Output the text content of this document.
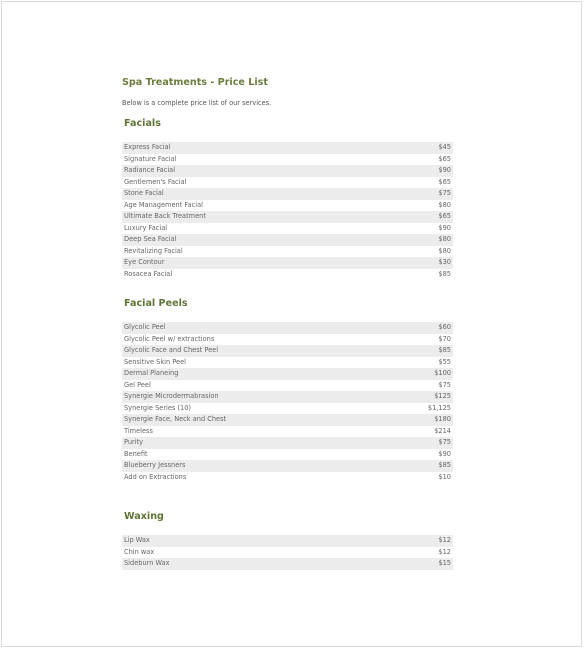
Spa Treatments - Price List
Below is a complete price list of our services.
Facials
Express Facial	$45
Signature Facial	$65
Radiance Facial	$90
Gentlemen's Facial	$65
Stone Facial	$75
Age Management Facial	$80
Ultimate Back Treatment	$65
Luxury Facial	$90
Deep Sea Facial	$80
Revitalizing Facial	$80
Eye Contour	$30
Rosacea Facial	$85
Facial Peels
Glycolic Peel	$60
Glycolic Peel w/ extractions	$70
Glycolic Face and Chest Peel	$85
Sensitive Skin Peel	$55
Dermal Planeing	$100
Gel Peel	$75
Synergie Microdermabrasion	$125
Synergie Series (10)	$1,125
Synergie Face, Neck and Chest	$180
Timeless	$214
Purity	$75
Benefit	$90
Blueberry Jessners	$85
Add on Extractions	$10
Waxing
Lip Wax	$12
Chin wax	$12
Sideburn Wax	$15
